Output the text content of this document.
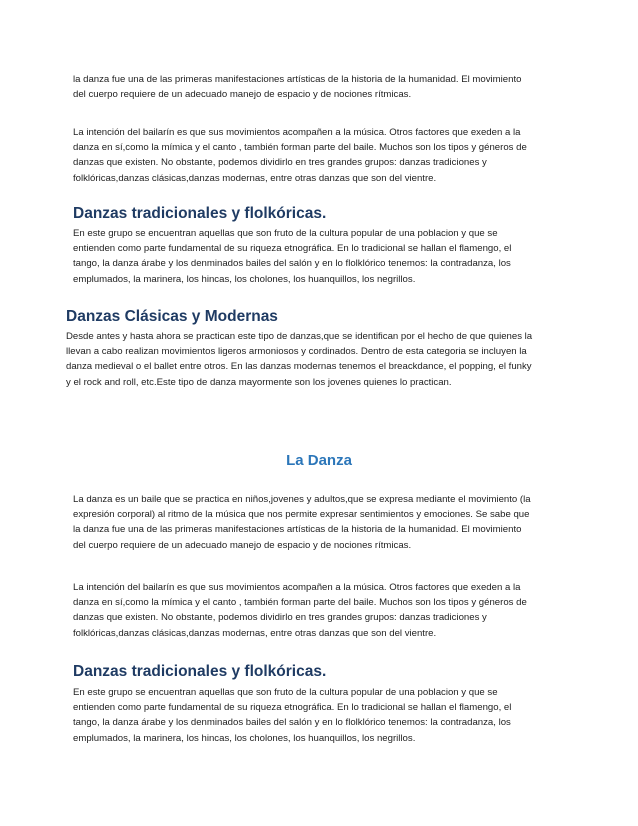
la danza fue una de las primeras manifestaciones artísticas de la historia de la humanidad. El movimiento

del cuerpo requiere de un adecuado manejo de espacio y de nociones rítmicas.

La intención del bailarín es que sus movimientos acompañen a la música. Otros factores que exeden a la

danza en sí,como la mímica y el canto , también forman parte del baile. Muchos son los tipos y géneros de

danzas que existen. No obstante, podemos dividirlo en tres grandes grupos: danzas tradiciones y

folklóricas,danzas clásicas,danzas modernas, entre otras danzas que son del vientre.

Danzas tradicionales y flolkóricas.

En este grupo se encuentran aquellas que son fruto de la cultura popular de una poblacion y que se

entienden como parte fundamental de su riqueza etnográfica. En lo tradicional se hallan el flamengo, el

tango, la danza árabe y los denminados bailes del salón y en lo flolklórico tenemos: la contradanza, los

emplumados, la marinera, los hincas, los cholones, los huanquillos, los negrillos.

Danzas Clásicas y Modernas

Desde antes y hasta ahora se practican este tipo de danzas,que se identifican por el hecho de que quienes la

llevan a cabo realizan movimientos ligeros armoniosos y cordinados. Dentro de esta categoria se incluyen la

danza medieval o el ballet entre otros. En las danzas modernas tenemos el breackdance, el popping, el funky

y el rock and roll, etc.Este tipo de danza mayormente son los jovenes quienes lo practican.

La Danza

La danza es un baile que se practica en niños,jovenes y adultos,que se expresa mediante el movimiento (la

expresión corporal) al ritmo de la música que nos permite expresar sentimientos y emociones. Se sabe que

la danza fue una de las primeras manifestaciones artísticas de la historia de la humanidad. El movimiento

del cuerpo requiere de un adecuado manejo de espacio y de nociones rítmicas.

La intención del bailarín es que sus movimientos acompañen a la música. Otros factores que exeden a la

danza en sí,como la mímica y el canto , también forman parte del baile. Muchos son los tipos y géneros de

danzas que existen. No obstante, podemos dividirlo en tres grandes grupos: danzas tradiciones y

folklóricas,danzas clásicas,danzas modernas, entre otras danzas que son del vientre.

Danzas tradicionales y flolkóricas.

En este grupo se encuentran aquellas que son fruto de la cultura popular de una poblacion y que se

entienden como parte fundamental de su riqueza etnográfica. En lo tradicional se hallan el flamengo, el

tango, la danza árabe y los denminados bailes del salón y en lo flolklórico tenemos: la contradanza, los

emplumados, la marinera, los hincas, los cholones, los huanquillos, los negrillos.
